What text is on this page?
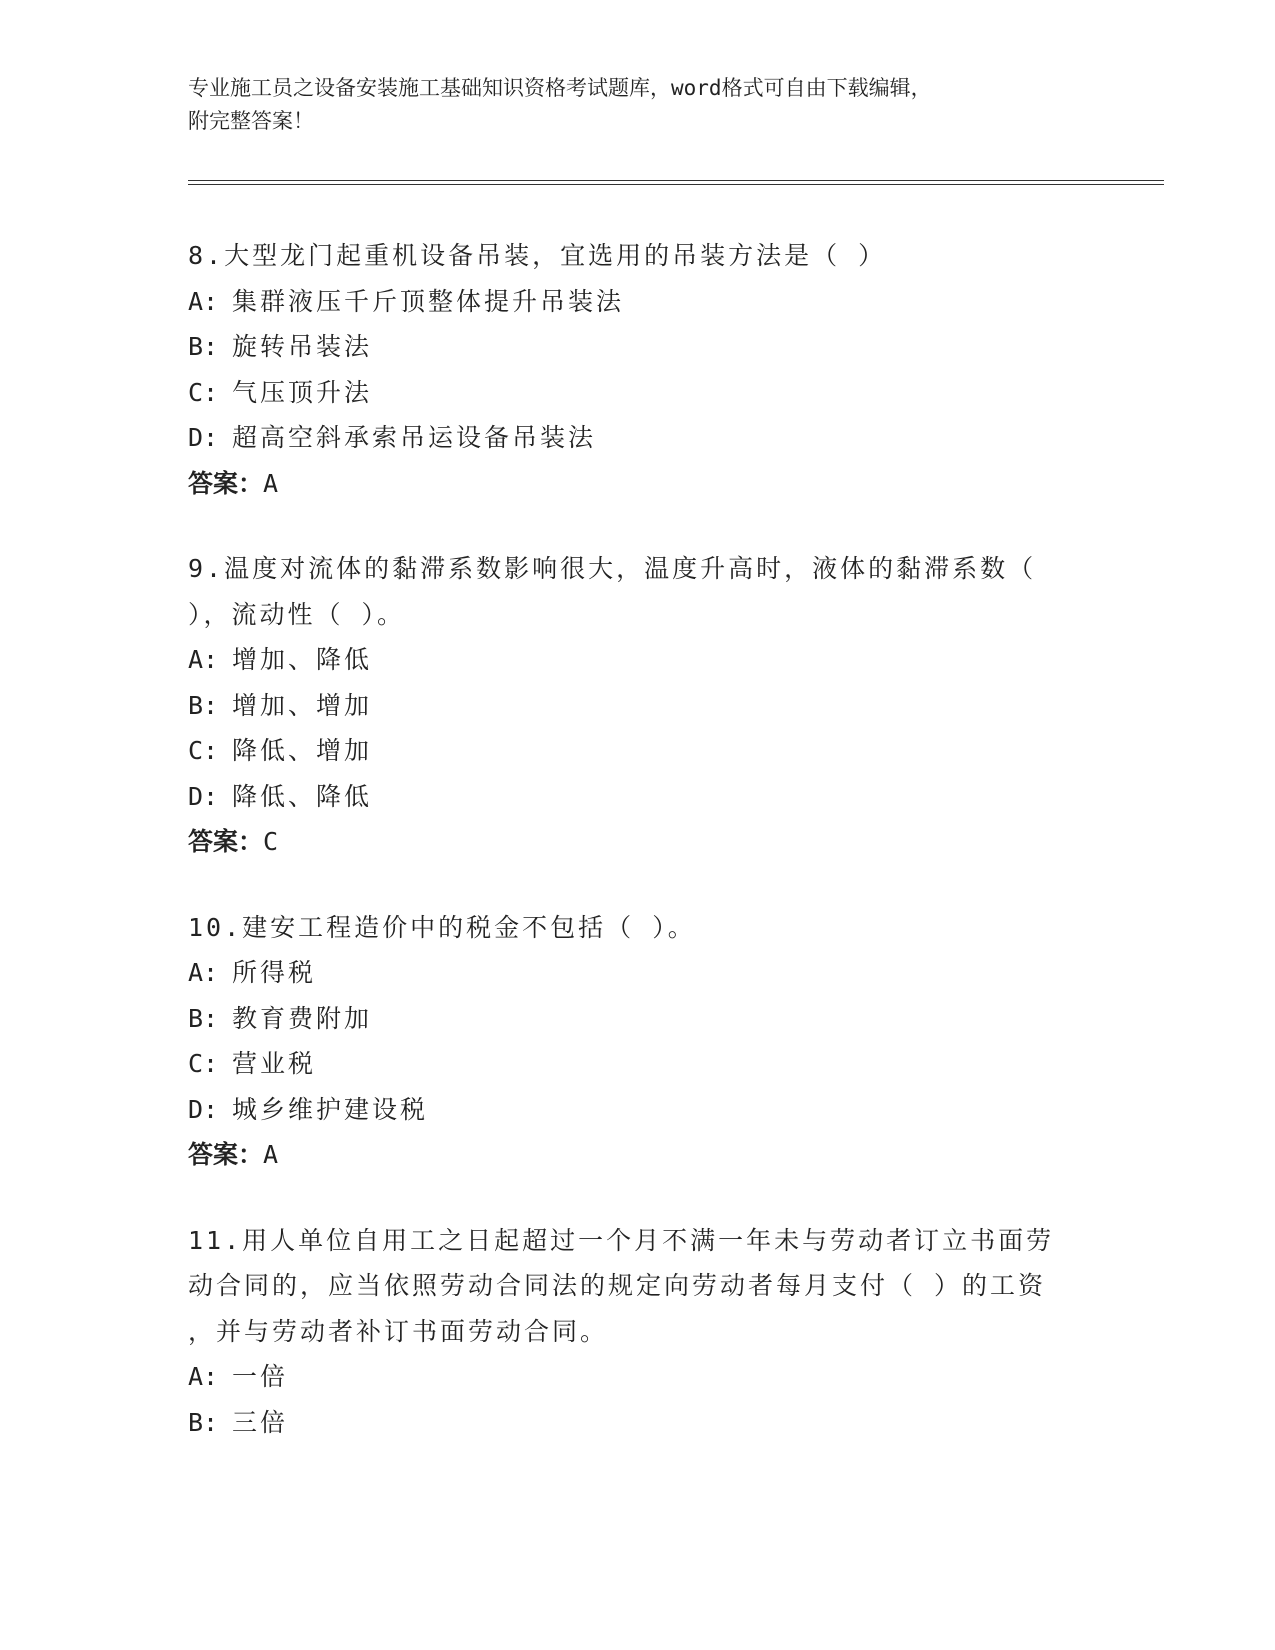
专业施工员之设备安装施工基础知识资格考试题库，word格式可自由下载编辑，
附完整答案！
8.大型龙门起重机设备吊装，宜选用的吊装方法是（ ）
A: 集群液压千斤顶整体提升吊装法
B: 旋转吊装法
C: 气压顶升法
D: 超高空斜承索吊运设备吊装法
答案：A
9.温度对流体的黏滞系数影响很大，温度升高时，液体的黏滞系数（
），流动性（ ）。
A: 增加、降低
B: 增加、增加
C: 降低、增加
D: 降低、降低
答案：C
10.建安工程造价中的税金不包括（ ）。
A: 所得税
B: 教育费附加
C: 营业税
D: 城乡维护建设税
答案：A
11.用人单位自用工之日起超过一个月不满一年未与劳动者订立书面劳
动合同的，应当依照劳动合同法的规定向劳动者每月支付（ ）的工资
，并与劳动者补订书面劳动合同。
A: 一倍
B: 三倍
